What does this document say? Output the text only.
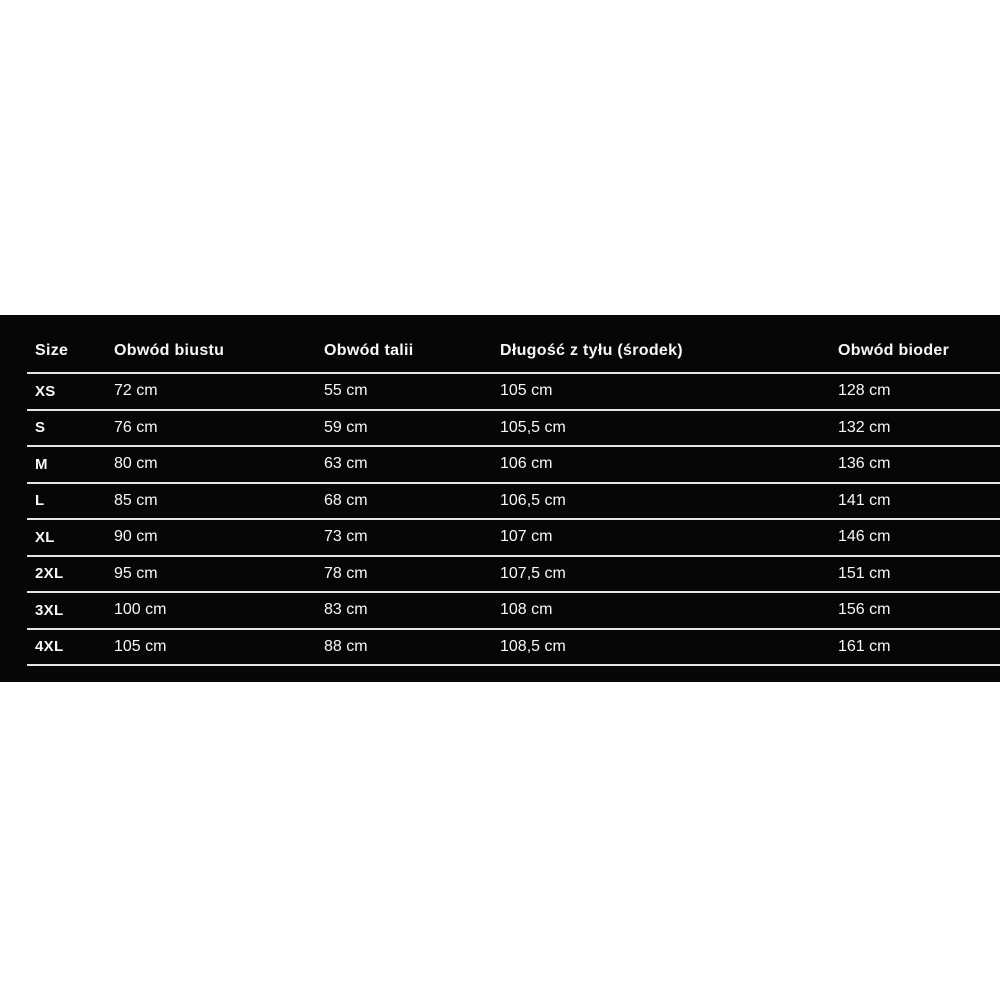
Size	Obwód biustu	Obwód talii	Długość z tyłu (środek)	Obwód bioder
XS	72 cm	55 cm	105 cm	128 cm
S	76 cm	59 cm	105,5 cm	132 cm
M	80 cm	63 cm	106 cm	136 cm
L	85 cm	68 cm	106,5 cm	141 cm
XL	90 cm	73 cm	107 cm	146 cm
2XL	95 cm	78 cm	107,5 cm	151 cm
3XL	100 cm	83 cm	108 cm	156 cm
4XL	105 cm	88 cm	108,5 cm	161 cm
